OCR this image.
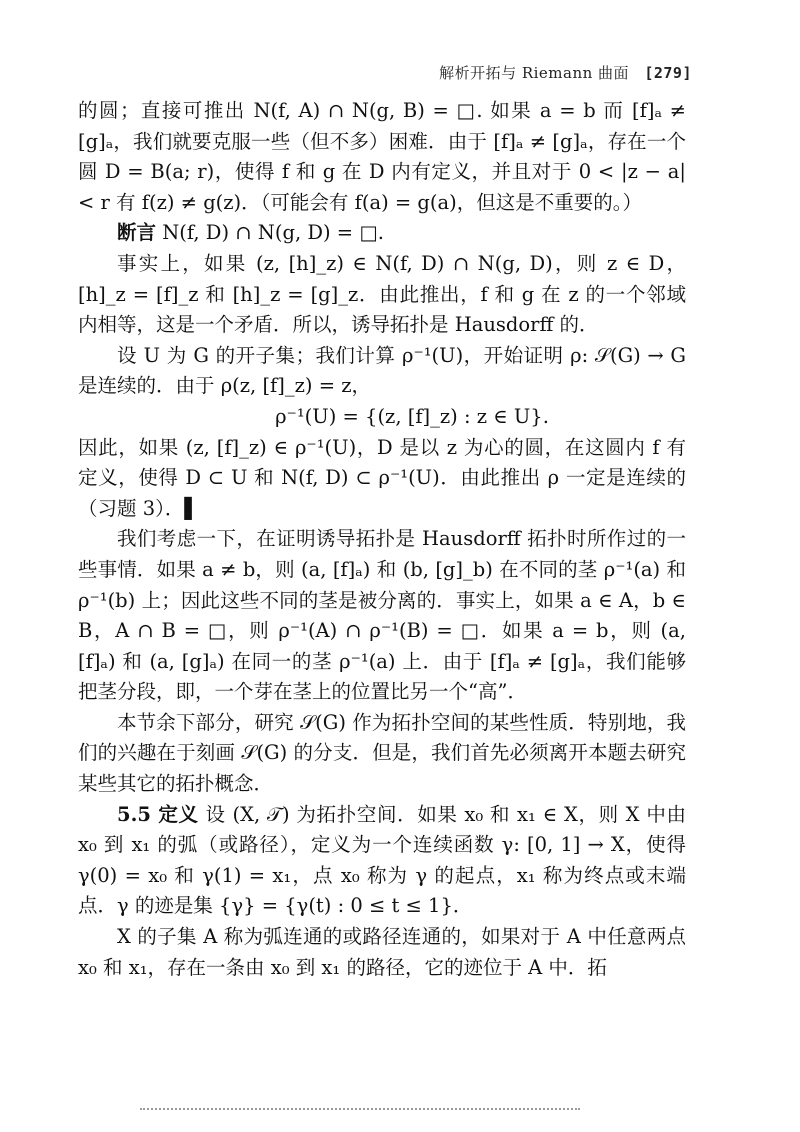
解析开拓与 Riemann 曲面 [279]

的圆；直接可推出 N(f, A) ∩ N(g, B) = □. 如果 a = b 而 [f]ₐ ≠ [g]ₐ，我们就要克服一些（但不多）困难．由于 [f]ₐ ≠ [g]ₐ，存在一个圆 D = B(a; r)，使得 f 和 g 在 D 内有定义，并且对于 0 < |z − a| < r 有 f(z) ≠ g(z)．（可能会有 f(a) = g(a)，但这是不重要的。）

断言 N(f, D) ∩ N(g, D) = □.

事实上，如果 (z, [h]_z) ∈ N(f, D) ∩ N(g, D)，则 z ∈ D，[h]_z = [f]_z 和 [h]_z = [g]_z．由此推出，f 和 g 在 z 的一个邻域内相等，这是一个矛盾．所以，诱导拓扑是 Hausdorff 的．

设 U 为 G 的开子集；我们计算 ρ⁻¹(U)，开始证明 ρ: 𝒮(G) → G 是连续的．由于 ρ(z, [f]_z) = z，

ρ⁻¹(U) = {(z, [f]_z) : z ∈ U}.

因此，如果 (z, [f]_z) ∈ ρ⁻¹(U)，D 是以 z 为心的圆，在这圆内 f 有定义，使得 D ⊂ U 和 N(f, D) ⊂ ρ⁻¹(U)．由此推出 ρ 一定是连续的（习题 3）．▌

我们考虑一下，在证明诱导拓扑是 Hausdorff 拓扑时所作过的一些事情．如果 a ≠ b，则 (a, [f]ₐ) 和 (b, [g]_b) 在不同的茎 ρ⁻¹(a) 和 ρ⁻¹(b) 上；因此这些不同的茎是被分离的．事实上，如果 a ∈ A，b ∈ B，A ∩ B = □，则 ρ⁻¹(A) ∩ ρ⁻¹(B) = □．如果 a = b，则 (a, [f]ₐ) 和 (a, [g]ₐ) 在同一的茎 ρ⁻¹(a) 上．由于 [f]ₐ ≠ [g]ₐ，我们能够把茎分段，即，一个芽在茎上的位置比另一个“高”．

本节余下部分，研究 𝒮(G) 作为拓扑空间的某些性质．特别地，我们的兴趣在于刻画 𝒮(G) 的分支．但是，我们首先必须离开本题去研究某些其它的拓扑概念．

5.5 定义 设 (X, 𝒯) 为拓扑空间．如果 x₀ 和 x₁ ∈ X，则 X 中由 x₀ 到 x₁ 的弧（或路径），定义为一个连续函数 γ: [0, 1] → X，使得 γ(0) = x₀ 和 γ(1) = x₁，点 x₀ 称为 γ 的起点，x₁ 称为终点或末端点．γ 的迹是集 {γ} = {γ(t) : 0 ≤ t ≤ 1}．

X 的子集 A 称为弧连通的或路径连通的，如果对于 A 中任意两点 x₀ 和 x₁，存在一条由 x₀ 到 x₁ 的路径，它的迹位于 A 中．拓
